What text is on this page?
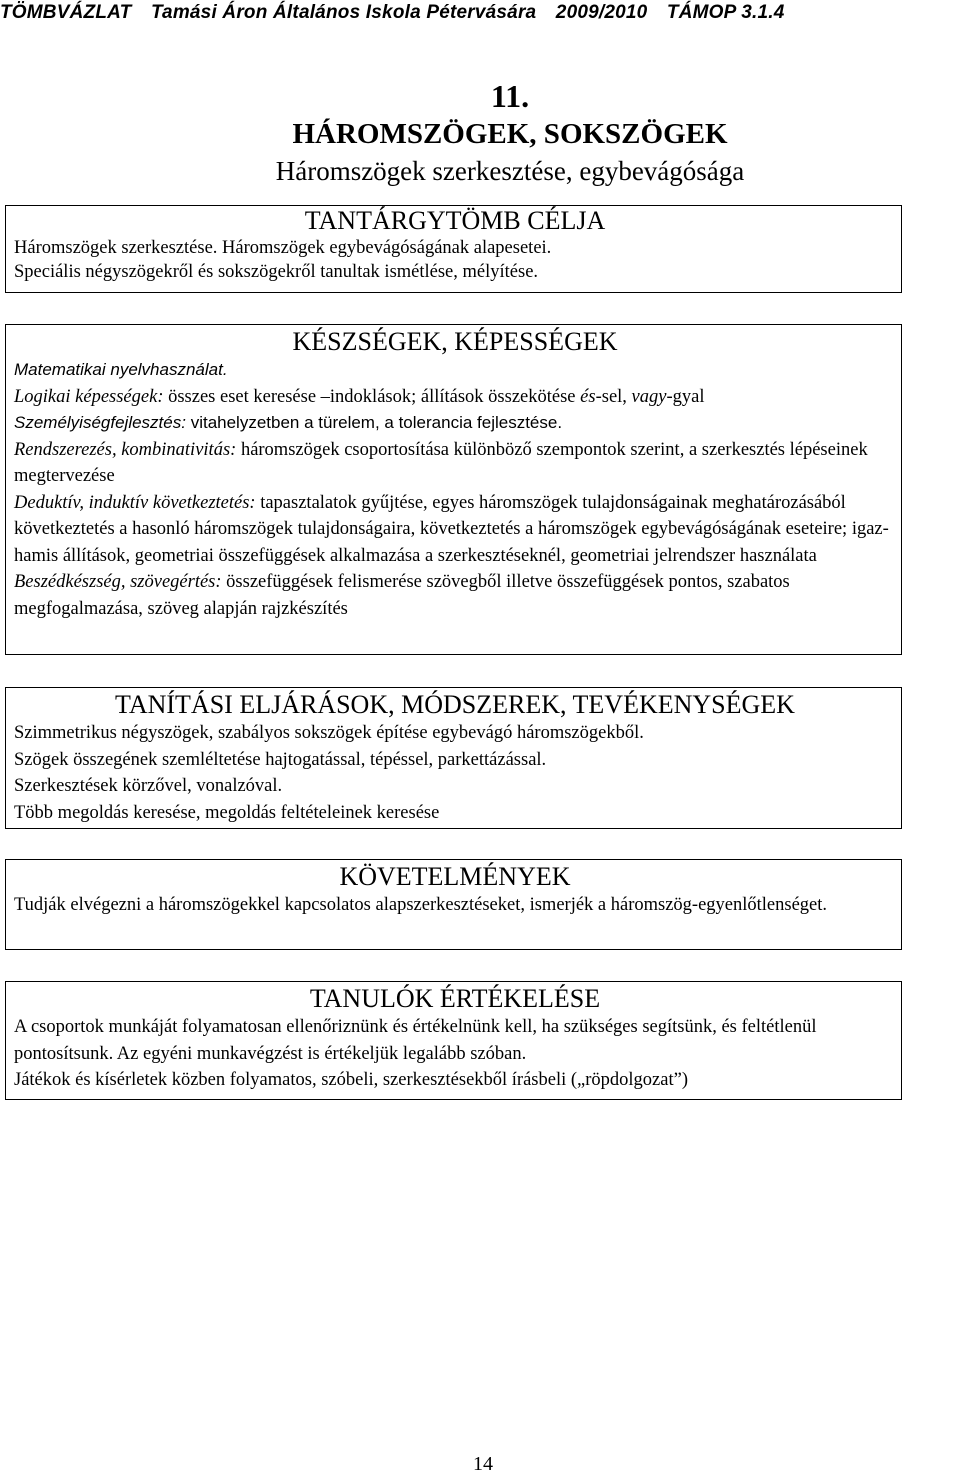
TÖMBVÁZLAT Tamási Áron Általános Iskola Pétervására 2009/2010 TÁMOP 3.1.4
11.
HÁROMSZÖGEK, SOKSZÖGEK
Háromszögek szerkesztése, egybevágósága
TANTÁRGYTÖMB CÉLJA

Háromszögek szerkesztése. Háromszögek egybevágóságának alapesetei.

Speciális négyszögekről és sokszögekről tanultak ismétlése, mélyítése.

KÉSZSÉGEK, KÉPESSÉGEK

Matematikai nyelvhasználat.

Logikai képességek: összes eset keresése –indoklások; állítások összekötése és-sel, vagy-gyal

Személyiségfejlesztés: vitahelyzetben a türelem, a tolerancia fejlesztése.

Rendszerezés, kombinativitás: háromszögek csoportosítása különböző szempontok szerint, a szerkesztés lépéseinek megtervezése

Deduktív, induktív következtetés: tapasztalatok gyűjtése, egyes háromszögek tulajdonságainak meghatározásából következtetés a hasonló háromszögek tulajdonságaira, következtetés a háromszögek egybevágóságának eseteire; igaz-hamis állítások, geometriai összefüggések alkalmazása a szerkesztéseknél, geometriai jelrendszer használata

Beszédkészség, szövegértés: összefüggések felismerése szövegből illetve összefüggések pontos, szabatos megfogalmazása, szöveg alapján rajzkészítés

TANÍTÁSI ELJÁRÁSOK, MÓDSZEREK, TEVÉKENYSÉGEK

Szimmetrikus négyszögek, szabályos sokszögek építése egybevágó háromszögekből.

Szögek összegének szemléltetése hajtogatással, tépéssel, parkettázással.

Szerkesztések körzővel, vonalzóval.

Több megoldás keresése, megoldás feltételeinek keresése

KÖVETELMÉNYEK

Tudják elvégezni a háromszögekkel kapcsolatos alapszerkesztéseket, ismerjék a háromszög-egyenlőtlenséget.

TANULÓK ÉRTÉKELÉSE

A csoportok munkáját folyamatosan ellenőriznünk és értékelnünk kell, ha szükséges segítsünk, és feltétlenül pontosítsunk. Az egyéni munkavégzést is értékeljük legalább szóban.

Játékok és kísérletek közben folyamatos, szóbeli, szerkesztésekből írásbeli („röpdolgozat”)

14
